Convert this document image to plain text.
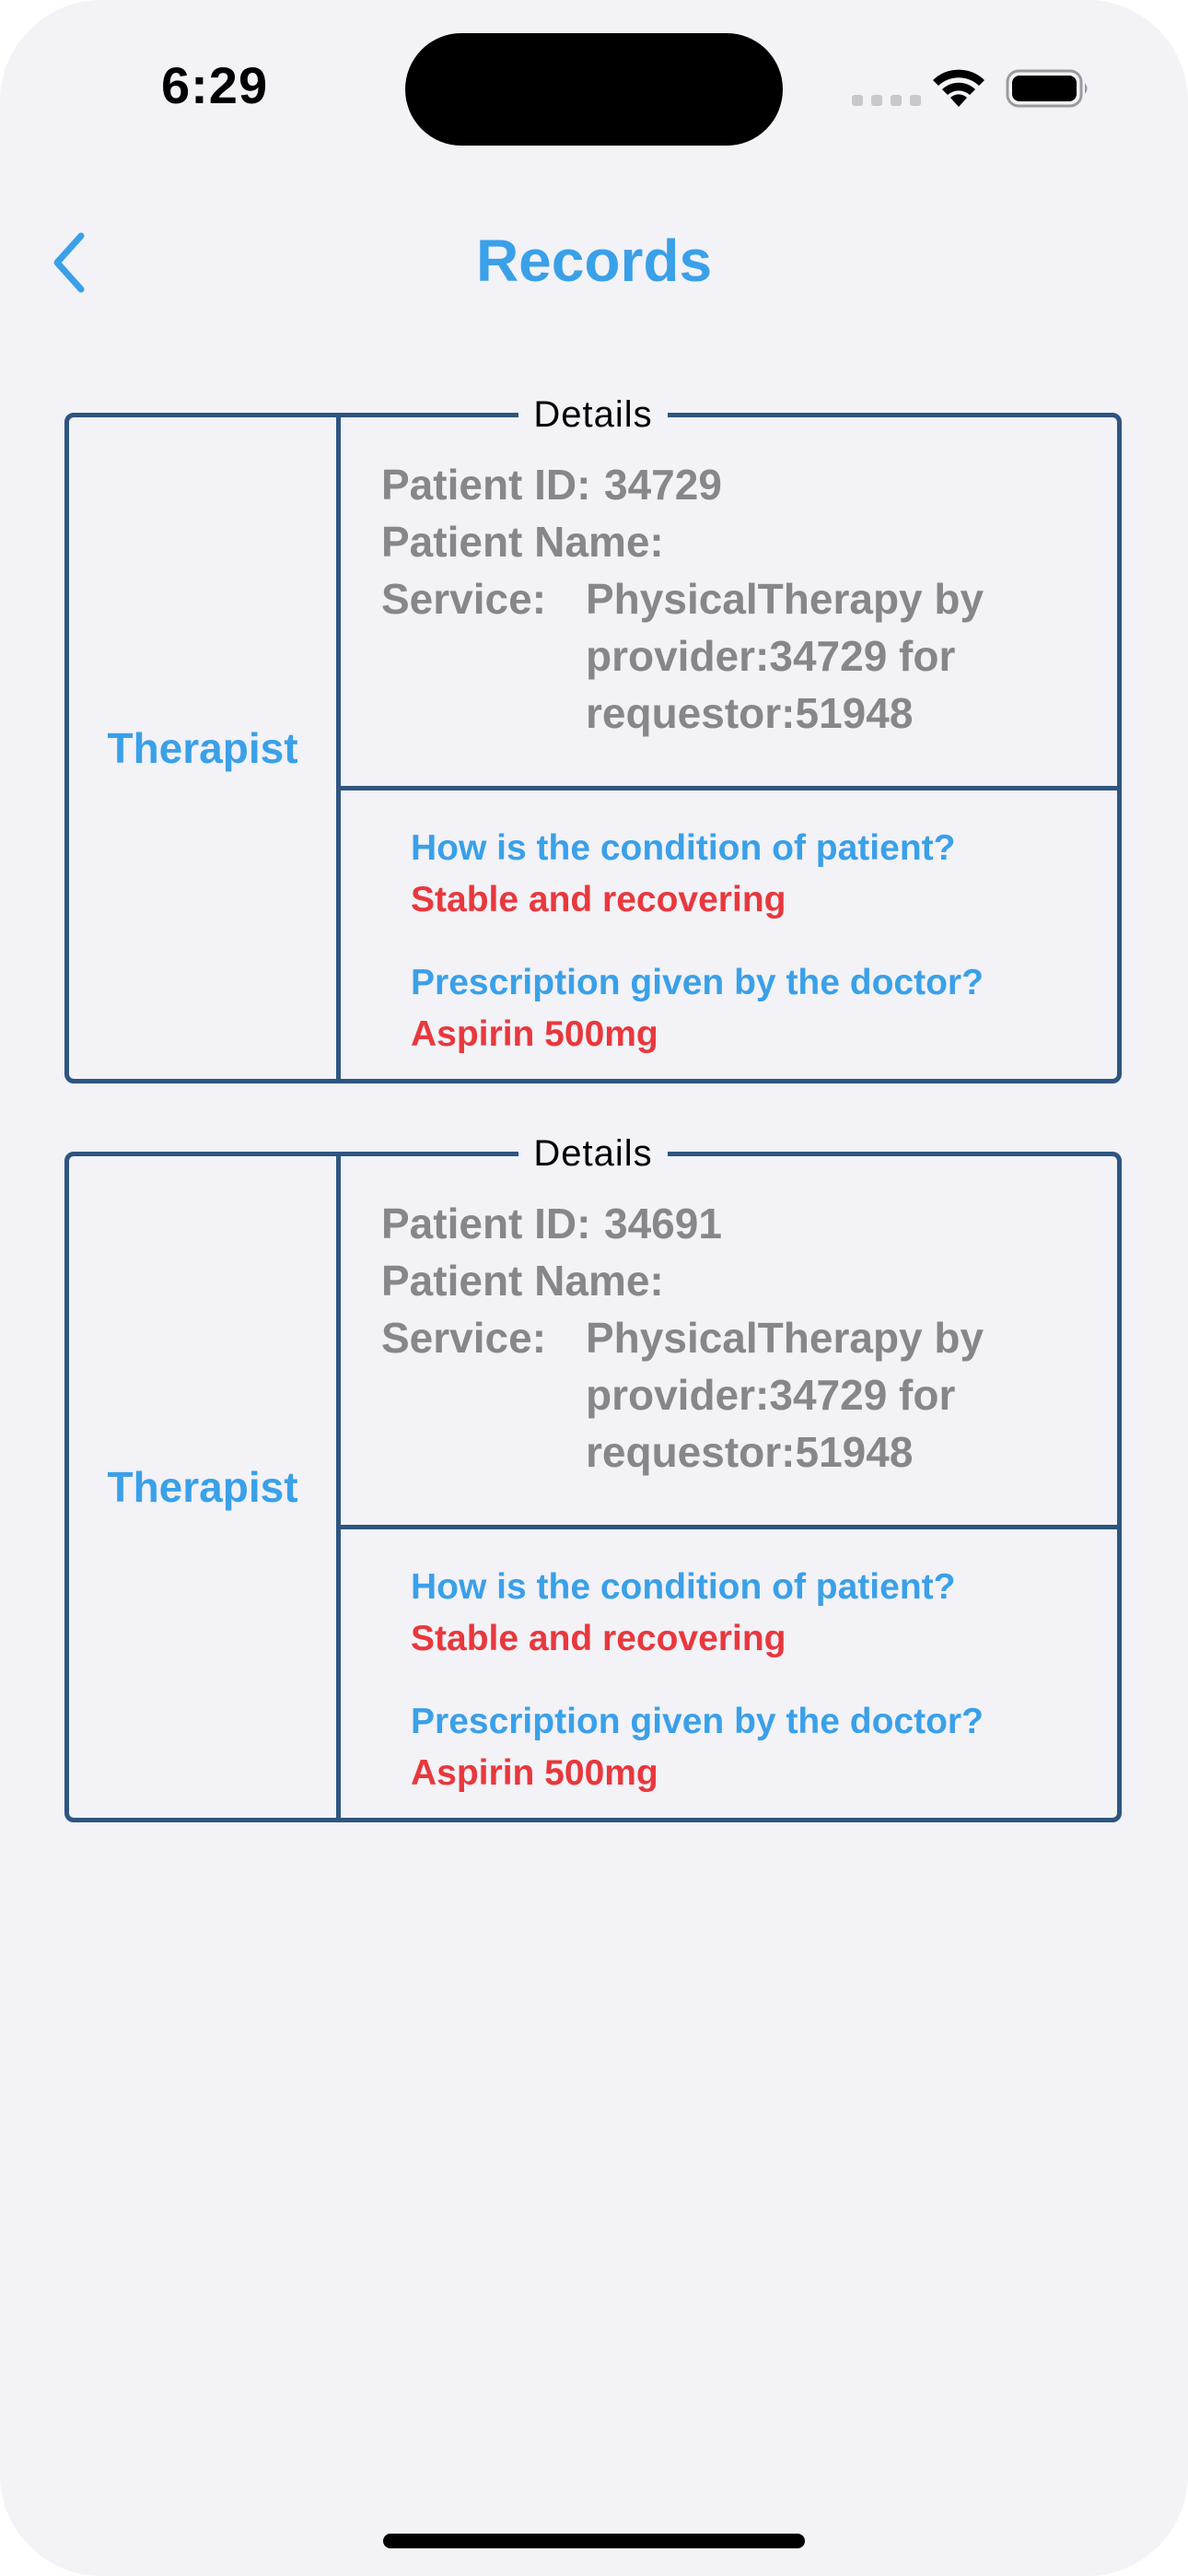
6:29
Records
Details
Therapist
Patient ID: 34729
Patient Name:
Service: PhysicalTherapy by
provider:34729 for
requestor:51948
How is the condition of patient?
Stable and recovering
Prescription given by the doctor?
Aspirin 500mg
Details
Therapist
Patient ID: 34691
Patient Name:
Service: PhysicalTherapy by
provider:34729 for
requestor:51948
How is the condition of patient?
Stable and recovering
Prescription given by the doctor?
Aspirin 500mg
